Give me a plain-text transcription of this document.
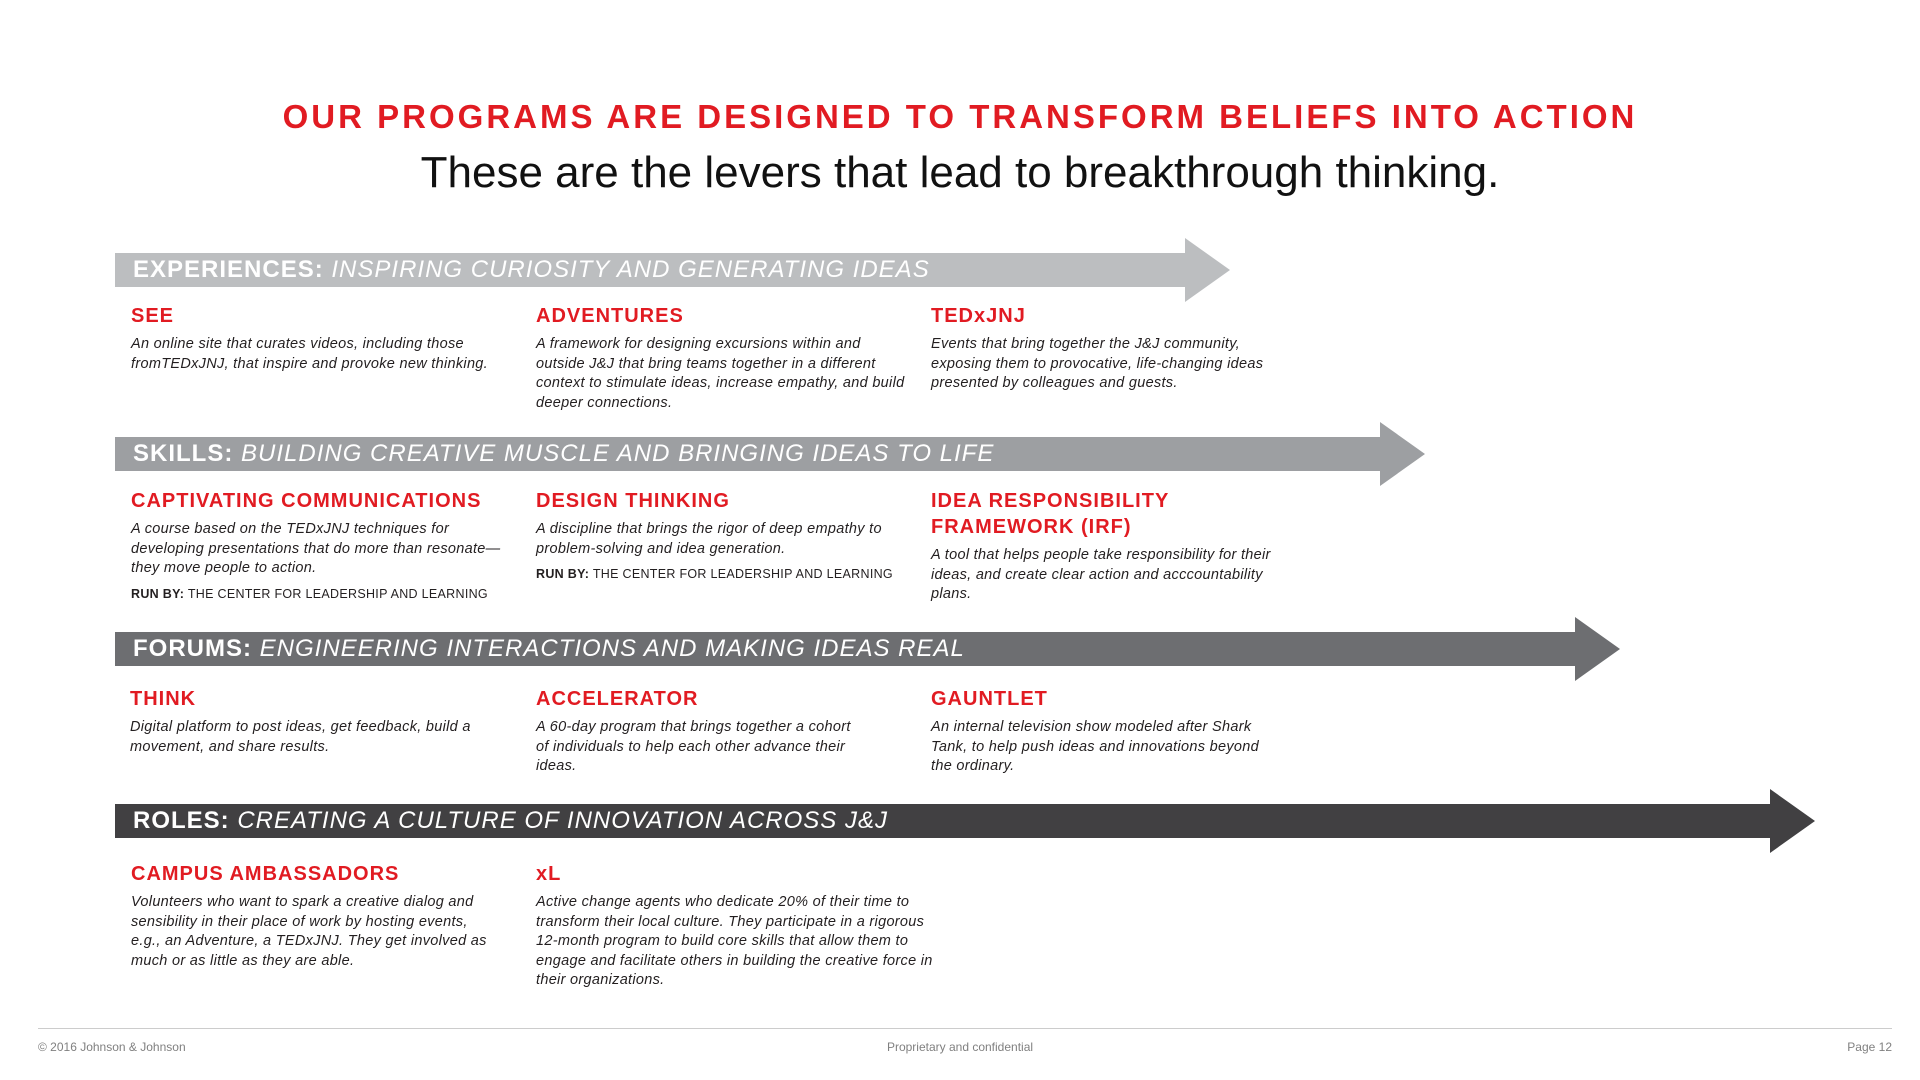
OUR PROGRAMS ARE DESIGNED TO TRANSFORM BELIEFS INTO ACTION
These are the levers that lead to breakthrough thinking.
EXPERIENCES: INSPIRING CURIOSITY AND GENERATING IDEAS
SEE
An online site that curates videos, including those fromTEDxJNJ, that inspire and provoke new thinking.
ADVENTURES
A framework for designing excursions within and outside J&J that bring teams together in a different context to stimulate ideas, increase empathy, and build deeper connections.
TEDxJNJ
Events that bring together the J&J community, exposing them to provocative, life-changing ideas presented by colleagues and guests.
SKILLS: BUILDING CREATIVE MUSCLE AND BRINGING IDEAS TO LIFE
CAPTIVATING COMMUNICATIONS
A course based on the TEDxJNJ techniques for developing presentations that do more than resonate—they move people to action.
RUN BY: THE CENTER FOR LEADERSHIP AND LEARNING
DESIGN THINKING
A discipline that brings the rigor of deep empathy to problem-solving and idea generation.
RUN BY: THE CENTER FOR LEADERSHIP AND LEARNING
IDEA RESPONSIBILITY
FRAMEWORK (IRF)
A tool that helps people take responsibility for their ideas, and create clear action and acccountability plans.
FORUMS: ENGINEERING INTERACTIONS AND MAKING IDEAS REAL
THINK
Digital platform to post ideas, get feedback, build a movement, and share results.
ACCELERATOR
A 60-day program that brings together a cohort of individuals to help each other advance their ideas.
GAUNTLET
An internal television show modeled after Shark Tank, to help push ideas and innovations beyond the ordinary.
ROLES: CREATING A CULTURE OF INNOVATION ACROSS J&J
CAMPUS AMBASSADORS
Volunteers who want to spark a creative dialog and sensibility in their place of work by hosting events, e.g., an Adventure, a TEDxJNJ. They get involved as much or as little as they are able.
xL
Active change agents who dedicate 20% of their time to transform their local culture. They participate in a rigorous 12-month program to build core skills that allow them to engage and facilitate others in building the creative force in their organizations.
© 2016 Johnson & Johnson	Proprietary and confidential	Page 12
